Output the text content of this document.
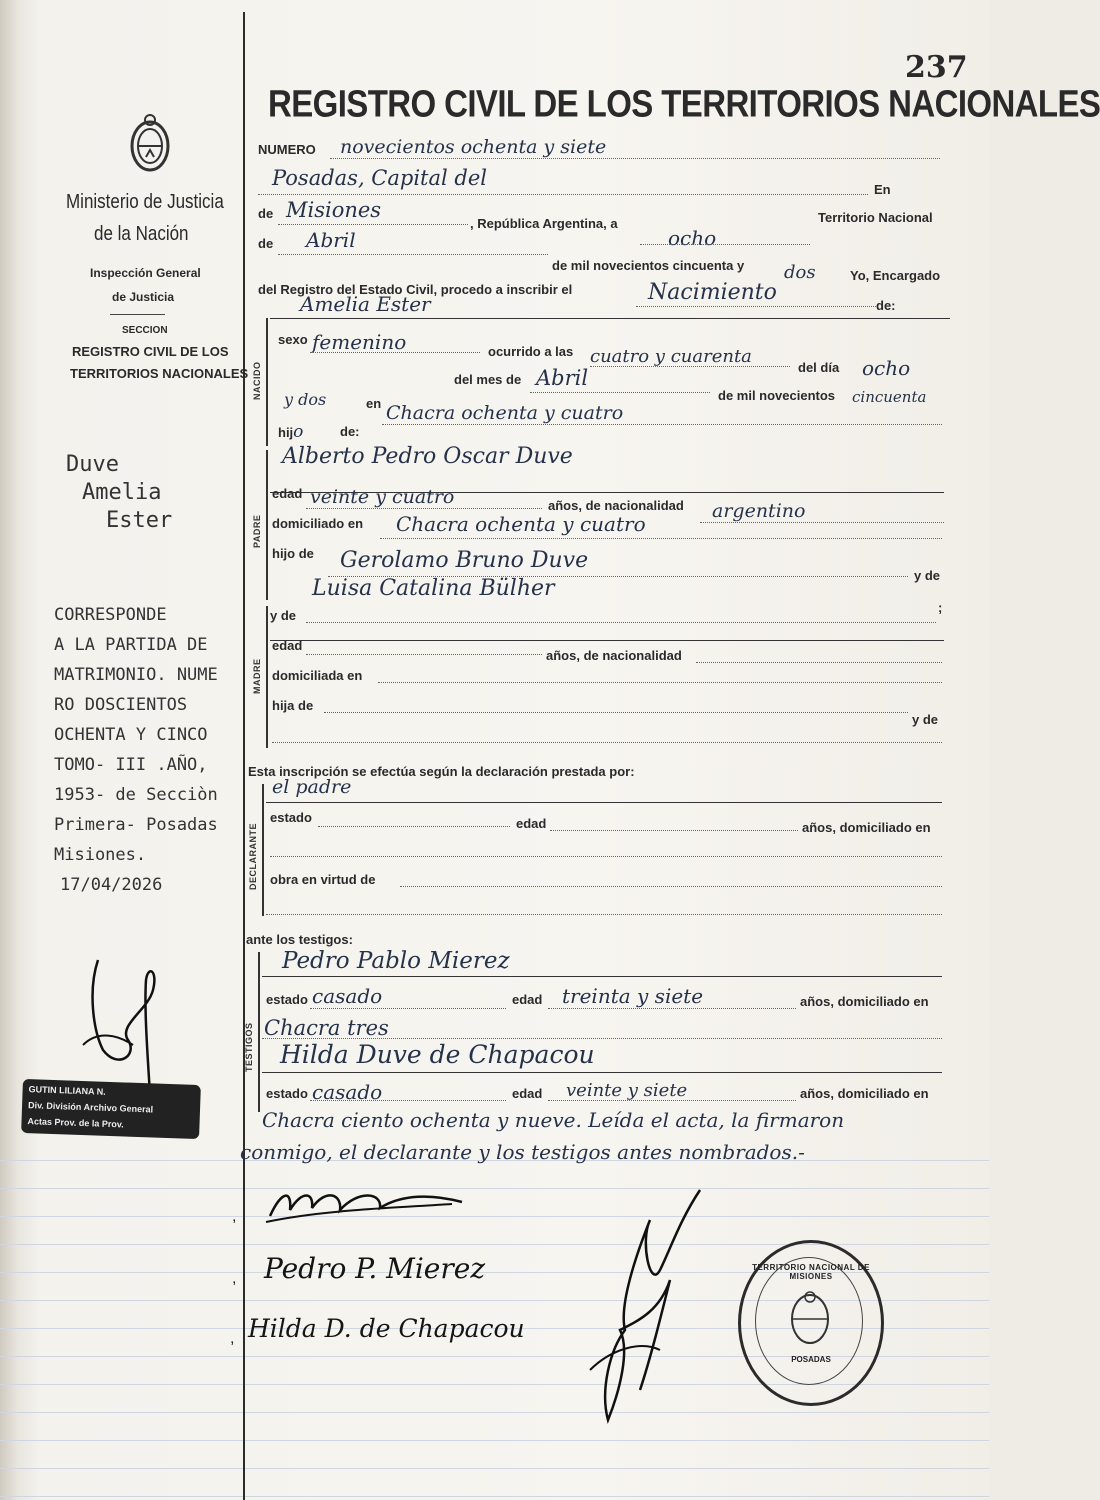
237
REGISTRO CIVIL DE LOS TERRITORIOS NACIONALES
Ministerio de Justicia
de la Nación
Inspección General
de Justicia
SECCION
REGISTRO CIVIL DE LOS
TERRITORIOS NACIONALES
Duve
Amelia
Ester
CORRESPONDE
A LA PARTIDA DE
MATRIMONIO. NUME
RO DOSCIENTOS
OCHENTA Y CINCO
TOMO- III .AÑO,
1953- de Secciòn
Primera- Posadas
Misiones.
17/04/2026
GUTIN LILIANA N.
Div. División Archivo General
Actas Prov. de la Prov.
NUMERO novecientos ochenta y siete
Posadas, Capital del	En
de Misiones
, República Argentina, a
ocho
Territorio Nacional
de Abril
de mil novecientos cincuenta y dos	Yo, Encargado
del Registro del Estado Civil, procedo a inscribir el	Nacimiento
de:
NACIDO
Amelia Ester
sexo femenino	ocurrido a las cuatro y cuarenta
del día ocho
del mes de Abril
de mil novecientos cincuenta
y dos	en Chacra ochenta y cuatro
hijo	de:
PADRE
Alberto Pedro Oscar Duve
edad veinte y cuatro	años, de nacionalidad argentino
domiciliado en Chacra ochenta y cuatro
hijo de Gerolamo Bruno Duve
Luisa Catalina Bülher
y de
MADRE
y de
;
edad
años, de nacionalidad
domiciliada en
hija de
y de
Esta inscripción se efectúa según la declaración prestada por:
DECLARANTE
el padre
estado	edad	años, domiciliado en
obra en virtud de
ante los testigos:
TESTIGOS
Pedro Pablo Mierez
estado casado	edad treinta y siete	años, domiciliado en
Chacra tres
Hilda Duve de Chapacou
estado casado	edad veinte y siete	años, domiciliado en
Chacra ciento ochenta y nueve. Leída el acta, la firmaron
conmigo, el declarante y los testigos antes nombrados.-
,
Pedro P. Mierez
Hilda D. de Chapacou
,
,
TERRITORIO NACIONAL DE MISIONES
POSADAS
